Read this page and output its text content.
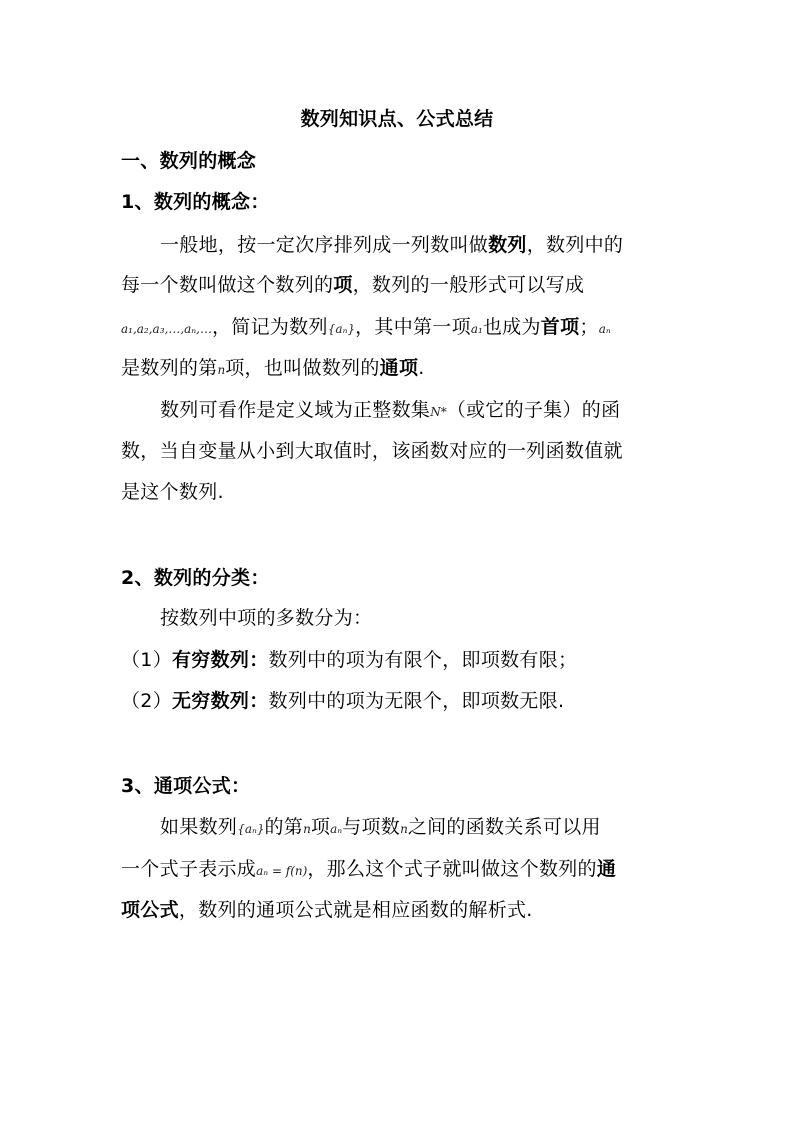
数列知识点、公式总结
一、数列的概念
1、数列的概念：
一般地，按一定次序排列成一列数叫做数列，数列中的
每一个数叫做这个数列的项，数列的一般形式可以写成
a₁,a₂,a₃,…,aₙ,…，简记为数列{aₙ}，其中第一项a₁也成为首项；aₙ
是数列的第n项，也叫做数列的通项.
数列可看作是定义域为正整数集N*（或它的子集）的函
数，当自变量从小到大取值时，该函数对应的一列函数值就
是这个数列.
2、数列的分类：
按数列中项的多数分为：
（1）有穷数列：数列中的项为有限个，即项数有限；
（2）无穷数列：数列中的项为无限个，即项数无限.
3、通项公式：
如果数列{aₙ}的第n项aₙ与项数n之间的函数关系可以用
一个式子表示成aₙ = f(n)，那么这个式子就叫做这个数列的通
项公式，数列的通项公式就是相应函数的解析式.
